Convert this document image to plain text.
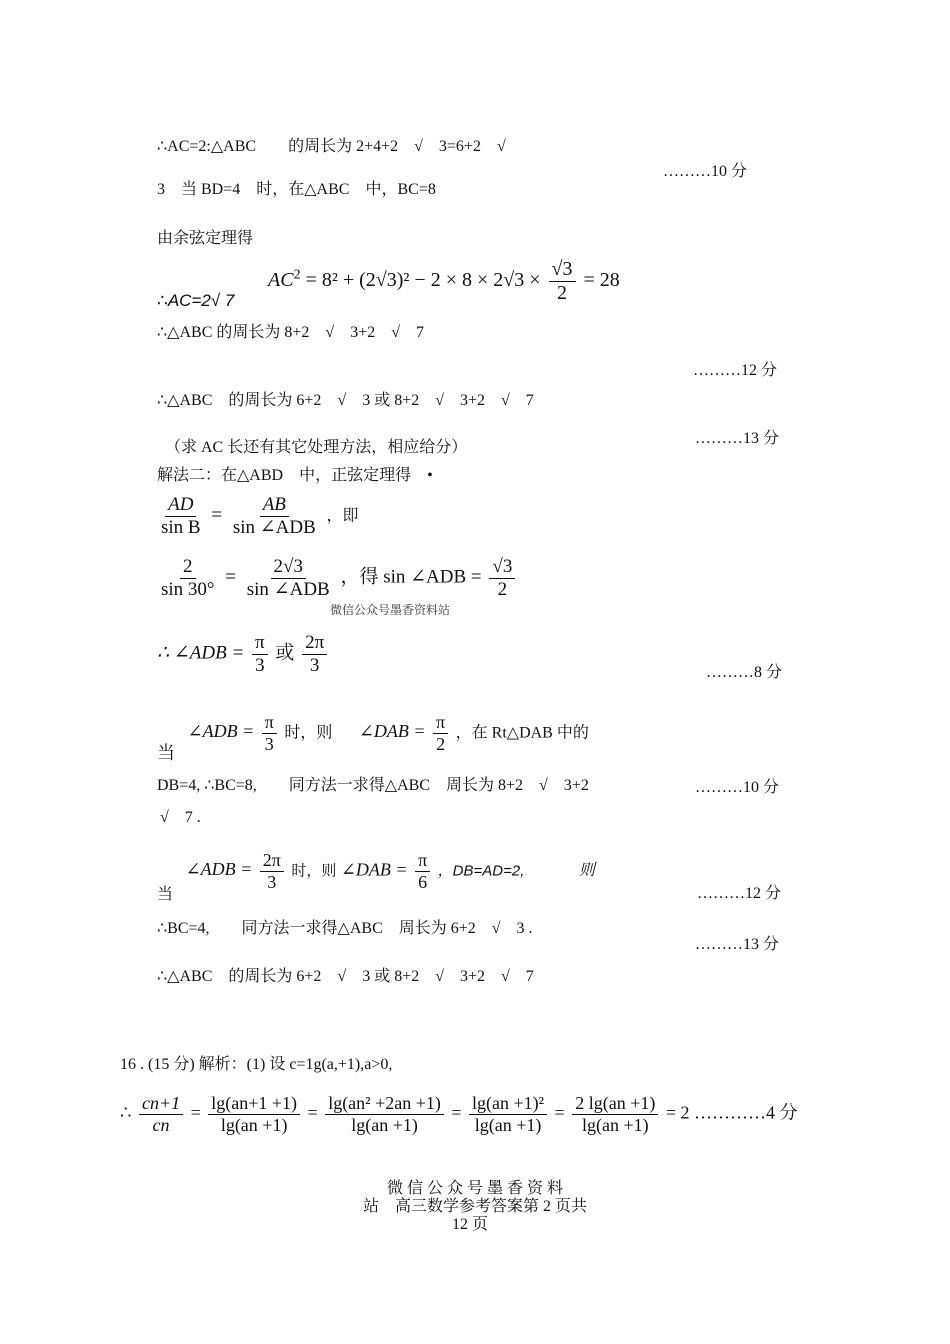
∴AC=2:△ABC　　的周长为 2+4+2　√　3=6+2　√
………10 分
3　当 BD=4　时，在△ABC　中，BC=8
由余弦定理得
∴AC=2√ 7
$AC^2 = 8^2 + (2√3)^2 - 2 \times 8 \times 2√3 \times \frac{√3}{2} = 28$
∴△ABC 的周长为 8+2　√　3+2　√　7
………12 分
∴△ABC　的周长为 6+2　√　3 或 8+2　√　3+2　√　7
………13 分
（求 AC 长还有其它处理方法，相应给分）
解法二：在△ABD　中，正弦定理得　•
$\frac{AD}{\text{sin B}} = \frac{AB}{\text{sin ∠ADB}}$ ，即
$\frac{2}{\sin 30^\circ} = \frac{2√3}{\text{sin ∠ADB}}$ ，得 sin ∠ADB = $\frac{√3}{2}$
微信公众号墨香资料站
∴ ∠ADB = $\frac{\pi}{3}$ 或 $\frac{2\pi}{3}$	………8 分
当 ∠ADB = $\frac{\pi}{3}$ 时，则 ∠DAB = $\frac{\pi}{2}$ ，在 Rt△DAB 中的
DB=4, ∴BC=8,　　同方法一求得△ABC　周长为 8+2　√　3+2	………10 分
√　7 .
当 ∠ADB = $\frac{2\pi}{3}$ 时，则 ∠DAB = $\frac{\pi}{6}$ ，DB=AD=2,	则
………12 分
∴BC=4,　　同方法一求得△ABC　周长为 6+2　√　3 .
………13 分
∴△ABC　的周长为 6+2　√　3 或 8+2　√　3+2　√　7
16 . (15 分) 解析：(1) 设 c=1g(a,+1),a>0,
∴ $\frac{cn+1}{cn} = \frac{\lg(an+1 +1)}{\lg(an +1)} = \frac{\text{lg(an² +2an +1)}}{\lg(an +1)} = \frac{\text{lg(an +1)²}}{\lg(an +1)} = \frac{2 \lg(an +1)}{\lg(an +1)} = 2$ …………4 分
微 信 公 众 号 墨 香 资 料
站　高三数学参考答案第 2 页共
12 页
